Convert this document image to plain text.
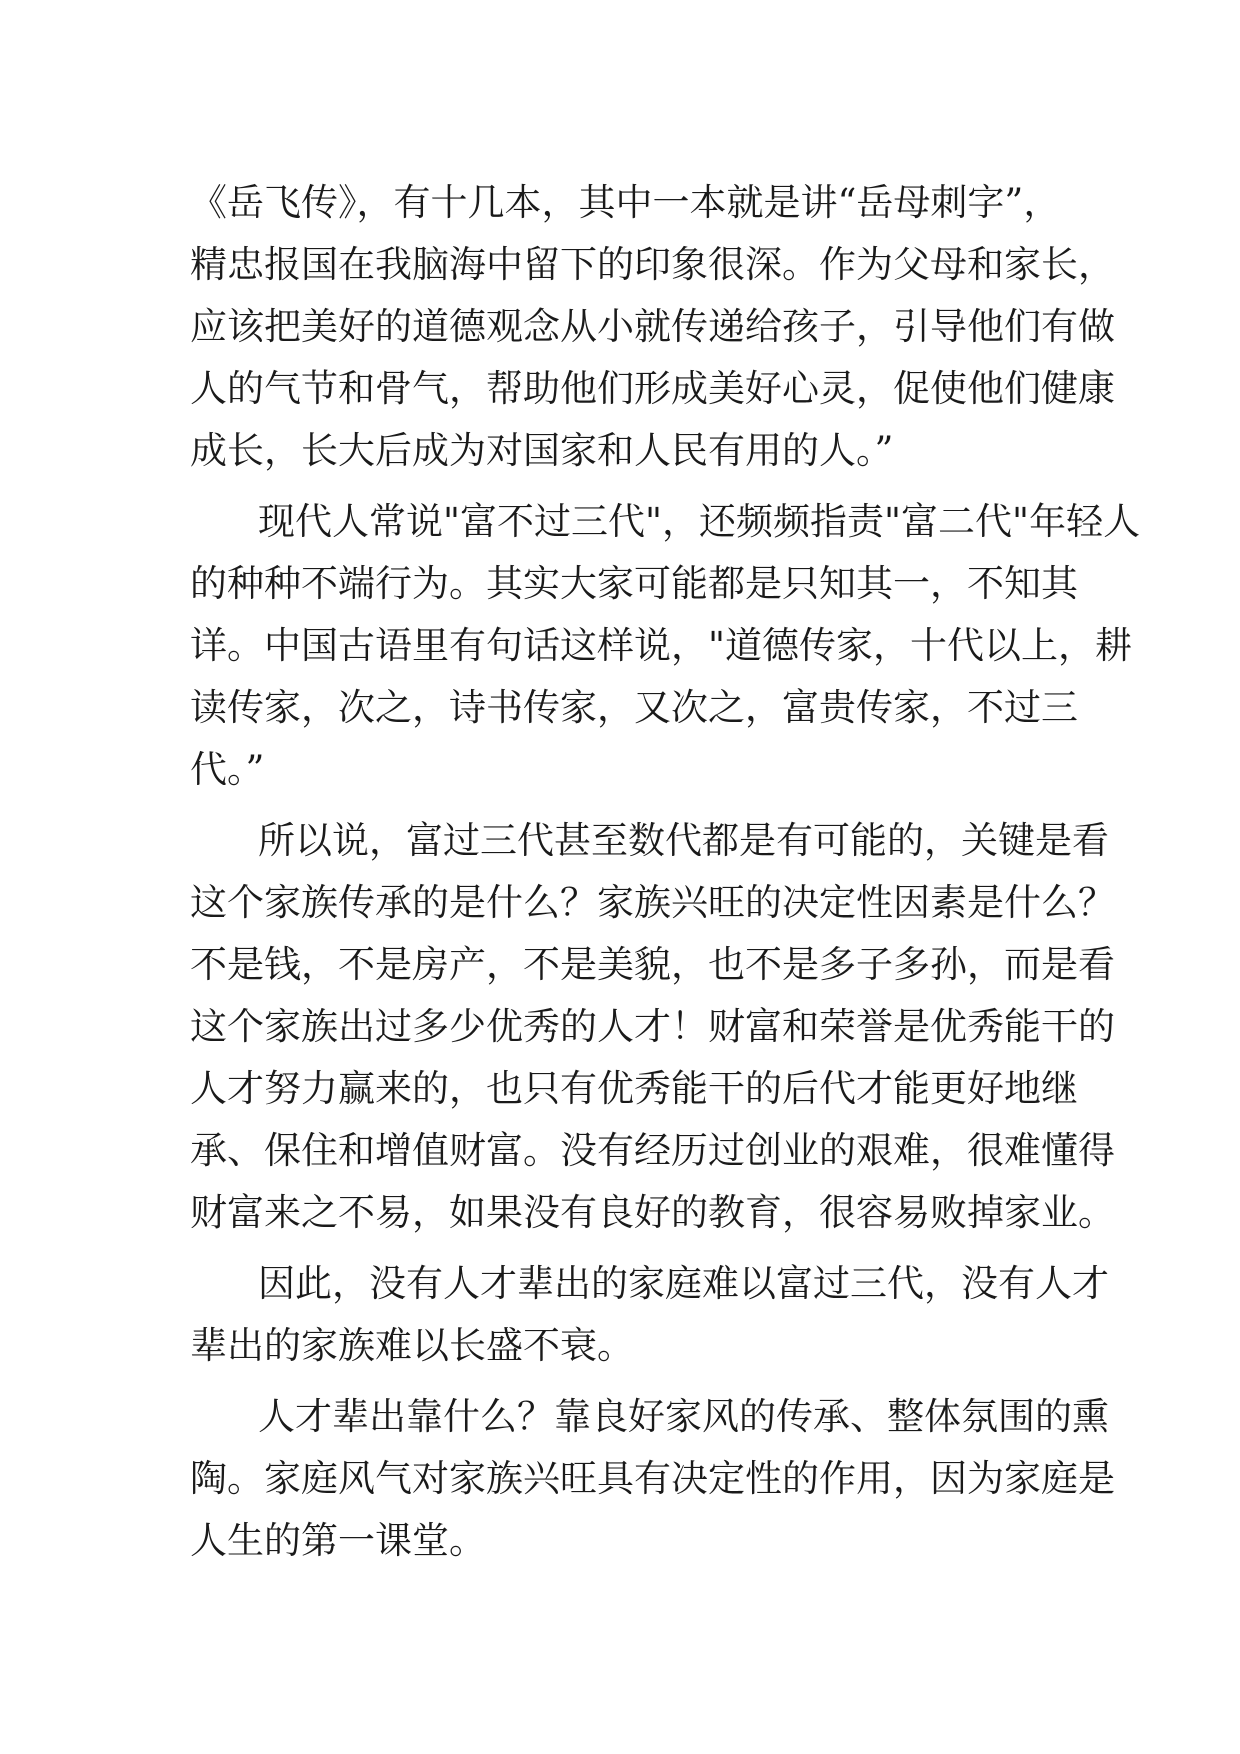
《岳飞传》，有十几本，其中一本就是讲“岳母刺字”，
精忠报国在我脑海中留下的印象很深。作为父母和家长，
应该把美好的道德观念从小就传递给孩子，引导他们有做
人的气节和骨气，帮助他们形成美好心灵，促使他们健康
成长，长大后成为对国家和人民有用的人。”
现代人常说"富不过三代"，还频频指责"富二代"年轻人
的种种不端行为。其实大家可能都是只知其一，不知其
详。中国古语里有句话这样说，"道德传家，十代以上，耕
读传家，次之，诗书传家，又次之，富贵传家，不过三
代。”
所以说，富过三代甚至数代都是有可能的，关键是看
这个家族传承的是什么？家族兴旺的决定性因素是什么？
不是钱，不是房产，不是美貌，也不是多子多孙，而是看
这个家族出过多少优秀的人才！财富和荣誉是优秀能干的
人才努力赢来的，也只有优秀能干的后代才能更好地继
承、保住和增值财富。没有经历过创业的艰难，很难懂得
财富来之不易，如果没有良好的教育，很容易败掉家业。
因此，没有人才辈出的家庭难以富过三代，没有人才
辈出的家族难以长盛不衰。
人才辈出靠什么？靠良好家风的传承、整体氛围的熏
陶。家庭风气对家族兴旺具有决定性的作用，因为家庭是
人生的第一课堂。
